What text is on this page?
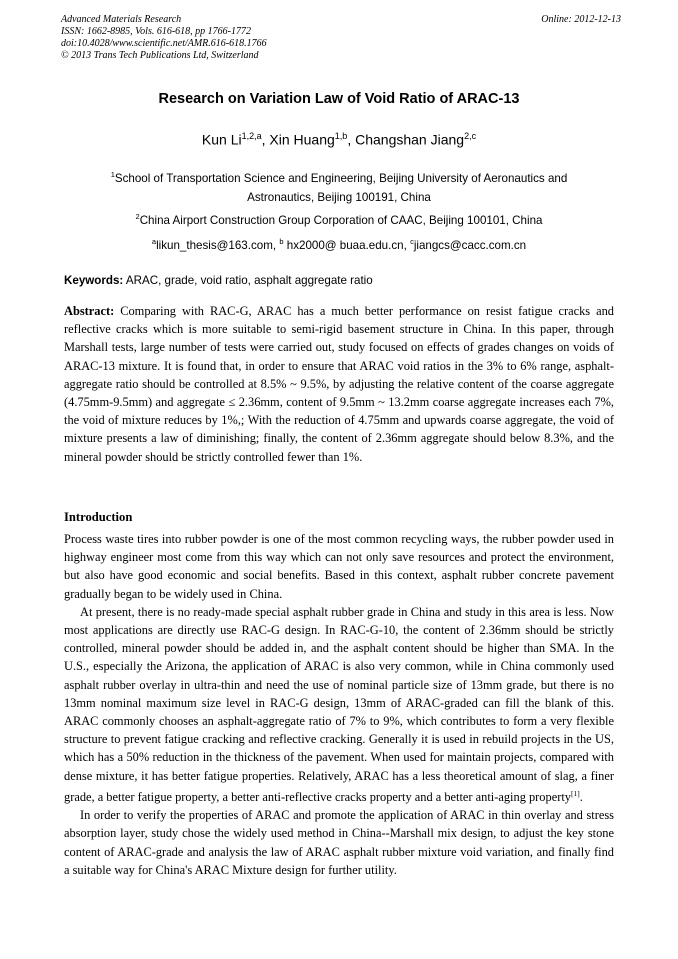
Advanced Materials Research
ISSN: 1662-8985, Vols. 616-618, pp 1766-1772
doi:10.4028/www.scientific.net/AMR.616-618.1766
© 2013 Trans Tech Publications Ltd, Switzerland
Online: 2012-12-13
Research on Variation Law of Void Ratio of ARAC-13
Kun Li$^{1,2,a}$, Xin Huang$^{1,b}$, Changshan Jiang$^{2,c}$
$^1$School of Transportation Science and Engineering, Beijing University of Aeronautics and
Astronautics, Beijing 100191, China
$^2$China Airport Construction Group Corporation of CAAC, Beijing 100101, China
$^a$likun_thesis@163.com, $^b$ hx2000@ buaa.edu.cn, $^c$jiangcs@cacc.com.cn
Keywords: ARAC, grade, void ratio, asphalt aggregate ratio
Abstract: Comparing with RAC-G, ARAC has a much better performance on resist fatigue cracks and reflective cracks which is more suitable to semi-rigid basement structure in China. In this paper, through Marshall tests, large number of tests were carried out, study focused on effects of grades changes on voids of ARAC-13 mixture. It is found that, in order to ensure that ARAC void ratios in the 3% to 6% range, asphalt-aggregate ratio should be controlled at 8.5% ~ 9.5%, by adjusting the relative content of the coarse aggregate (4.75mm-9.5mm) and aggregate ≤ 2.36mm, content of 9.5mm ~ 13.2mm coarse aggregate increases each 7%, the void of mixture reduces by 1%,; With the reduction of 4.75mm and upwards coarse aggregate, the void of mixture presents a law of diminishing; finally, the content of 2.36mm aggregate should below 8.3%, and the mineral powder should be strictly controlled fewer than 1%.
Introduction

Process waste tires into rubber powder is one of the most common recycling ways, the rubber powder used in highway engineer most come from this way which can not only save resources and protect the environment, but also have good economic and social benefits. Based in this context, asphalt rubber concrete pavement gradually began to be widely used in China.

At present, there is no ready-made special asphalt rubber grade in China and study in this area is less. Now most applications are directly use RAC-G design. In RAC-G-10, the content of 2.36mm should be strictly controlled, mineral powder should be added in, and the asphalt content should be higher than SMA. In the U.S., especially the Arizona, the application of ARAC is also very common, while in China commonly used asphalt rubber overlay in ultra-thin and need the use of nominal particle size of 13mm grade, but there is no 13mm nominal maximum size level in RAC-G design, 13mm of ARAC-graded can fill the blank of this. ARAC commonly chooses an asphalt-aggregate ratio of 7% to 9%, which contributes to form a very flexible structure to prevent fatigue cracking and reflective cracking. Generally it is used in rebuild projects in the US, which has a 50% reduction in the thickness of the pavement. When used for maintain projects, compared with dense mixture, it has better fatigue properties. Relatively, ARAC has a less theoretical amount of slag, a finer grade, a better fatigue property, a better anti-reflective cracks property and a better anti-aging property[1].

In order to verify the properties of ARAC and promote the application of ARAC in thin overlay and stress absorption layer, study chose the widely used method in China--Marshall mix design, to adjust the key stone content of ARAC-grade and analysis the law of ARAC asphalt rubber mixture void variation, and finally find a suitable way for China's ARAC Mixture design for further utility.
